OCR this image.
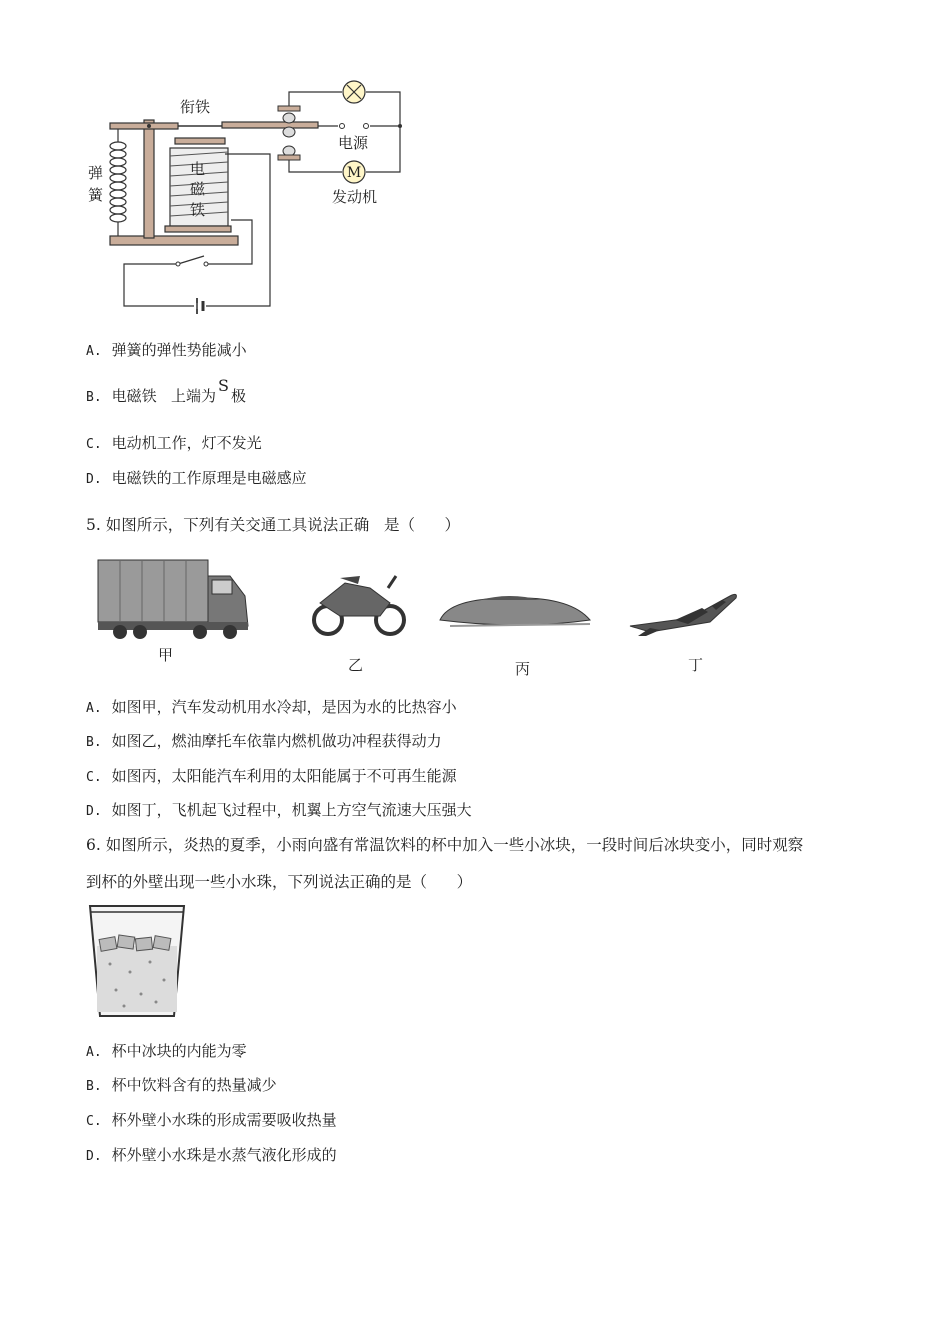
弹
簧
衔铁
电
磁
铁
电源
M
发动机
A. 弹簧的弹性势能减小
B. 电磁铁   上端为S极
C. 电动机工作，灯不发光
D. 电磁铁的工作原理是电磁感应
5. 如图所示，下列有关交通工具说法正确   是（      ）
甲
乙	丙	丁
A. 如图甲，汽车发动机用水冷却，是因为水的比热容小
B. 如图乙，燃油摩托车依靠内燃机做功冲程获得动力
C. 如图丙，太阳能汽车利用的太阳能属于不可再生能源
D. 如图丁，飞机起飞过程中，机翼上方空气流速大压强大
6. 如图所示，炎热的夏季，小雨向盛有常温饮料的杯中加入一些小冰块，一段时间后冰块变小，同时观察
到杯的外壁出现一些小水珠，下列说法正确的是（      ）
A. 杯中冰块的内能为零
B. 杯中饮料含有的热量减少
C. 杯外壁小水珠的形成需要吸收热量
D. 杯外壁小水珠是水蒸气液化形成的
